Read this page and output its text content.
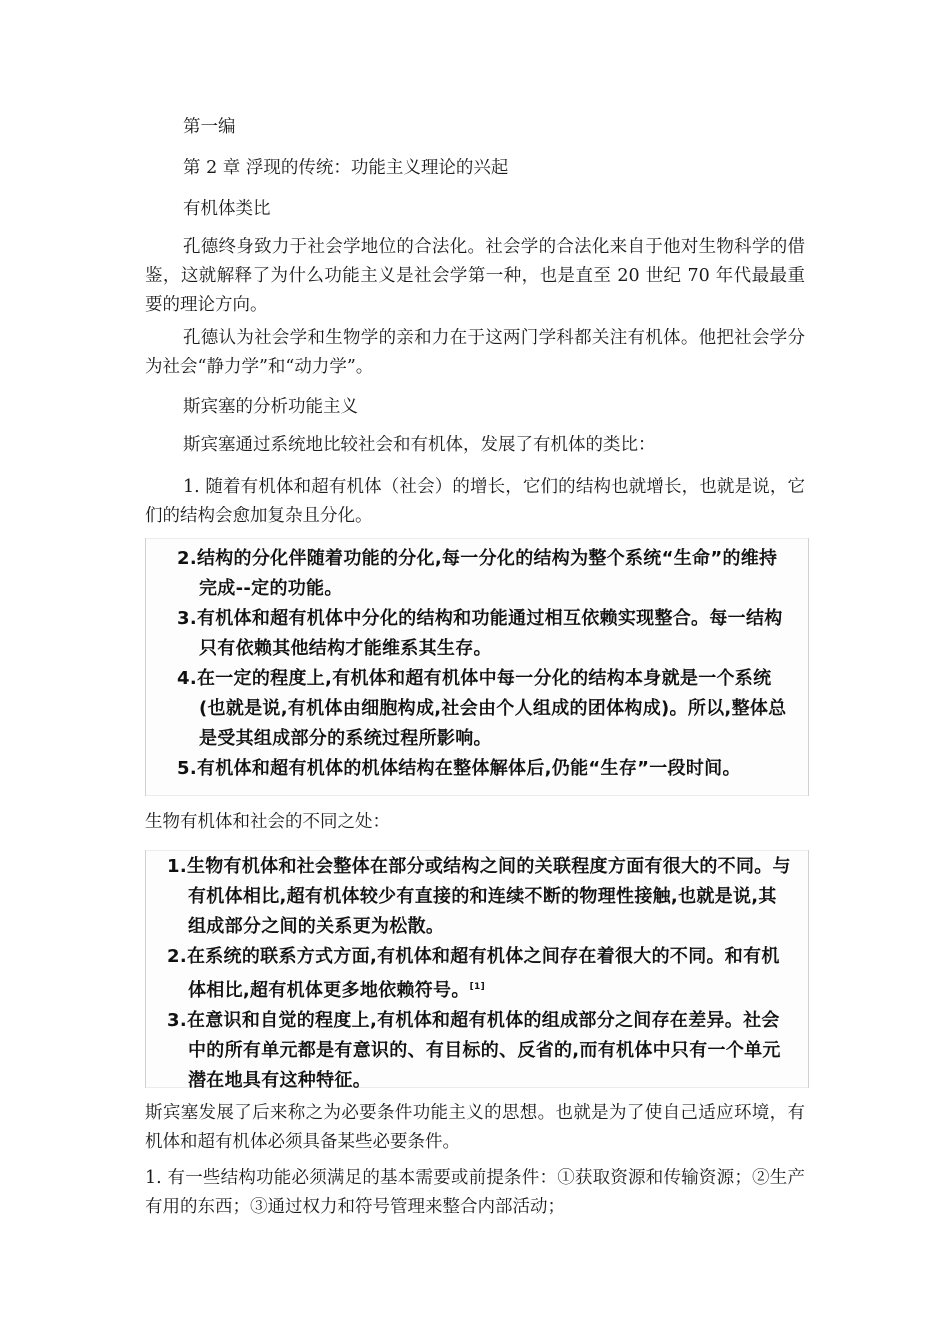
第一编

第 2 章 浮现的传统：功能主义理论的兴起

有机体类比

孔德终身致力于社会学地位的合法化。社会学的合法化来自于他对生物科学的借鉴，这就解释了为什么功能主义是社会学第一种，也是直至 20 世纪 70 年代最最重要的理论方向。

孔德认为社会学和生物学的亲和力在于这两门学科都关注有机体。他把社会学分为社会“静力学”和“动力学”。

斯宾塞的分析功能主义

斯宾塞通过系统地比较社会和有机体，发展了有机体的类比：

1. 随着有机体和超有机体（社会）的增长，它们的结构也就增长，也就是说，它们的结构会愈加复杂且分化。

2.结构的分化伴随着功能的分化,每一分化的结构为整个系统“生命”的维持完成--定的功能。

3.有机体和超有机体中分化的结构和功能通过相互依赖实现整合。每一结构只有依赖其他结构才能维系其生存。

4.在一定的程度上,有机体和超有机体中每一分化的结构本身就是一个系统(也就是说,有机体由细胞构成,社会由个人组成的团体构成)。所以,整体总是受其组成部分的系统过程所影响。

5.有机体和超有机体的机体结构在整体解体后,仍能“生存”一段时间。

生物有机体和社会的不同之处：

1.生物有机体和社会整体在部分或结构之间的关联程度方面有很大的不同。与有机体相比,超有机体较少有直接的和连续不断的物理性接触,也就是说,其组成部分之间的关系更为松散。

2.在系统的联系方式方面,有机体和超有机体之间存在着很大的不同。和有机体相比,超有机体更多地依赖符号。[1]

3.在意识和自觉的程度上,有机体和超有机体的组成部分之间存在差异。社会中的所有单元都是有意识的、有目标的、反省的,而有机体中只有一个单元潜在地具有这种特征。

斯宾塞发展了后来称之为必要条件功能主义的思想。也就是为了使自己适应环境，有机体和超有机体必须具备某些必要条件。

1. 有一些结构功能必须满足的基本需要或前提条件：①获取资源和传输资源；②生产有用的东西；③通过权力和符号管理来整合内部活动；
